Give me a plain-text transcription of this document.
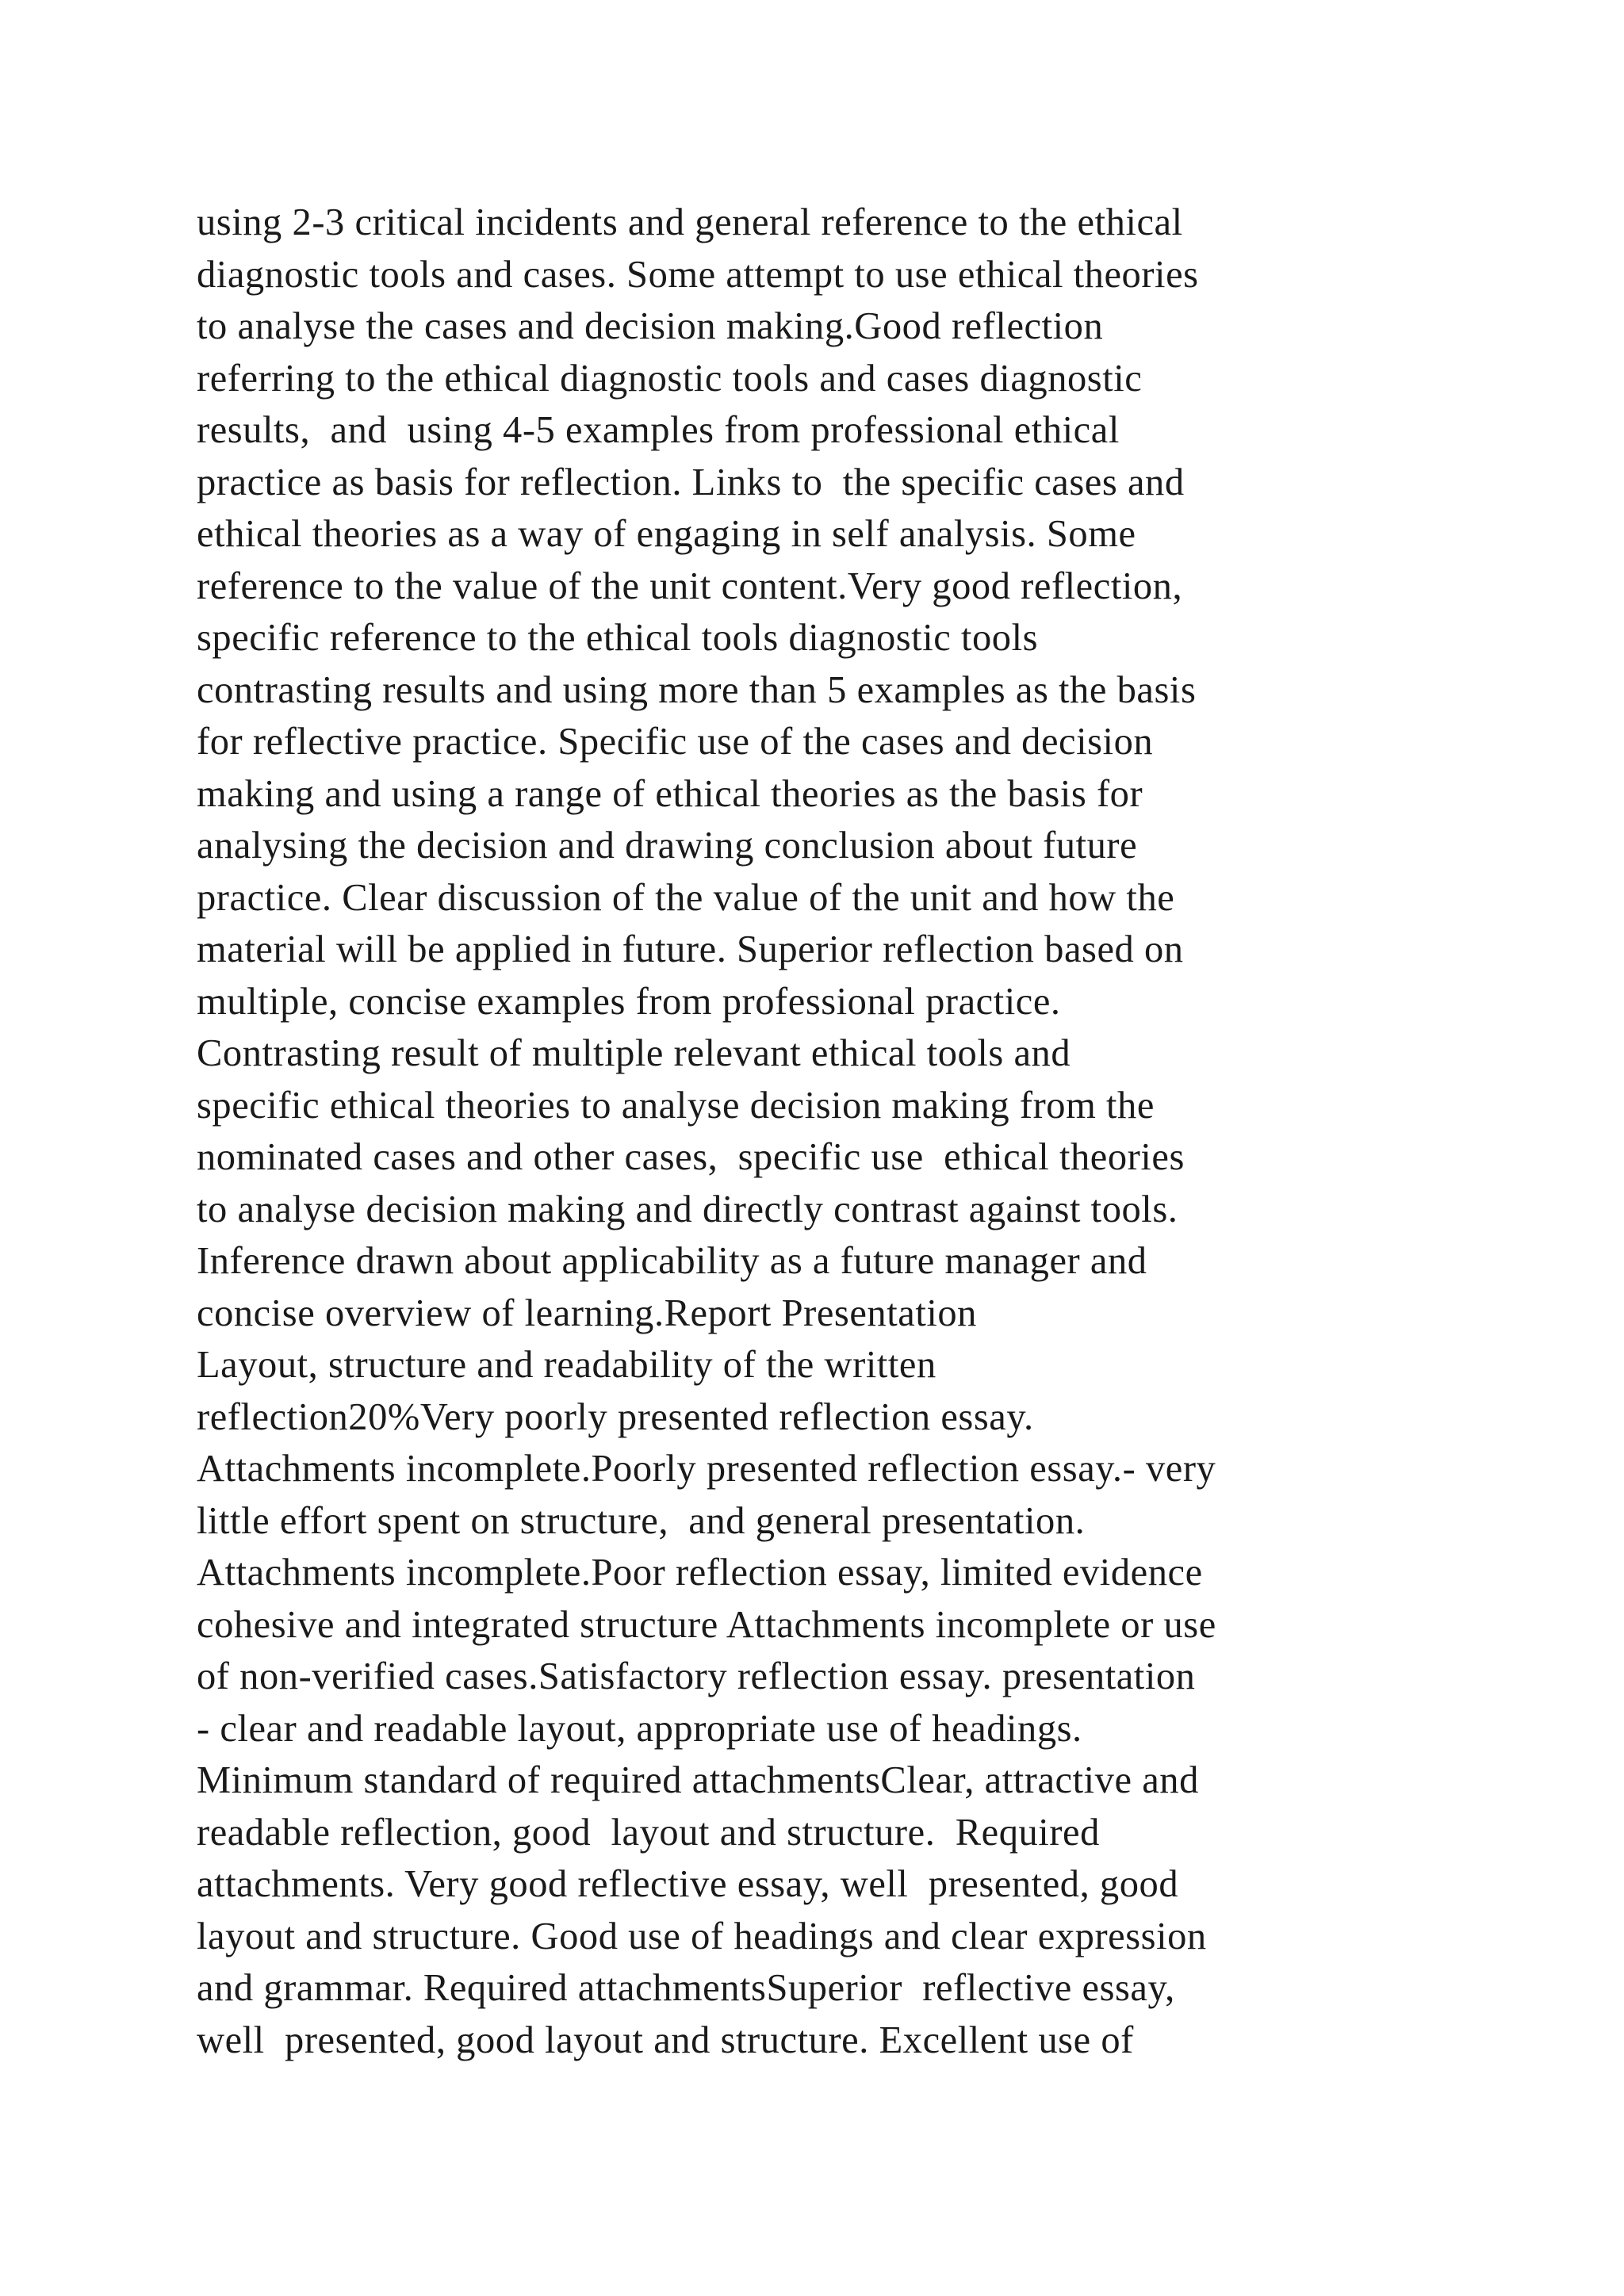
using 2-3 critical incidents and general reference to the ethical
diagnostic tools and cases. Some attempt to use ethical theories
to analyse the cases and decision making.Good reflection
referring to the ethical diagnostic tools and cases diagnostic
results,  and  using 4-5 examples from professional ethical
practice as basis for reflection. Links to  the specific cases and
ethical theories as a way of engaging in self analysis. Some
reference to the value of the unit content.Very good reflection,
specific reference to the ethical tools diagnostic tools
contrasting results and using more than 5 examples as the basis
for reflective practice. Specific use of the cases and decision
making and using a range of ethical theories as the basis for
analysing the decision and drawing conclusion about future
practice. Clear discussion of the value of the unit and how the
material will be applied in future. Superior reflection based on
multiple, concise examples from professional practice.
Contrasting result of multiple relevant ethical tools and
specific ethical theories to analyse decision making from the
nominated cases and other cases,  specific use  ethical theories
to analyse decision making and directly contrast against tools.
Inference drawn about applicability as a future manager and
concise overview of learning.Report Presentation
Layout, structure and readability of the written
reflection20%Very poorly presented reflection essay.
Attachments incomplete.Poorly presented reflection essay.- very
little effort spent on structure,  and general presentation.
Attachments incomplete.Poor reflection essay, limited evidence
cohesive and integrated structure Attachments incomplete or use
of non-verified cases.Satisfactory reflection essay. presentation
- clear and readable layout, appropriate use of headings.
Minimum standard of required attachmentsClear, attractive and
readable reflection, good  layout and structure.  Required
attachments. Very good reflective essay, well  presented, good
layout and structure. Good use of headings and clear expression
and grammar. Required attachmentsSuperior  reflective essay,
well  presented, good layout and structure. Excellent use of
